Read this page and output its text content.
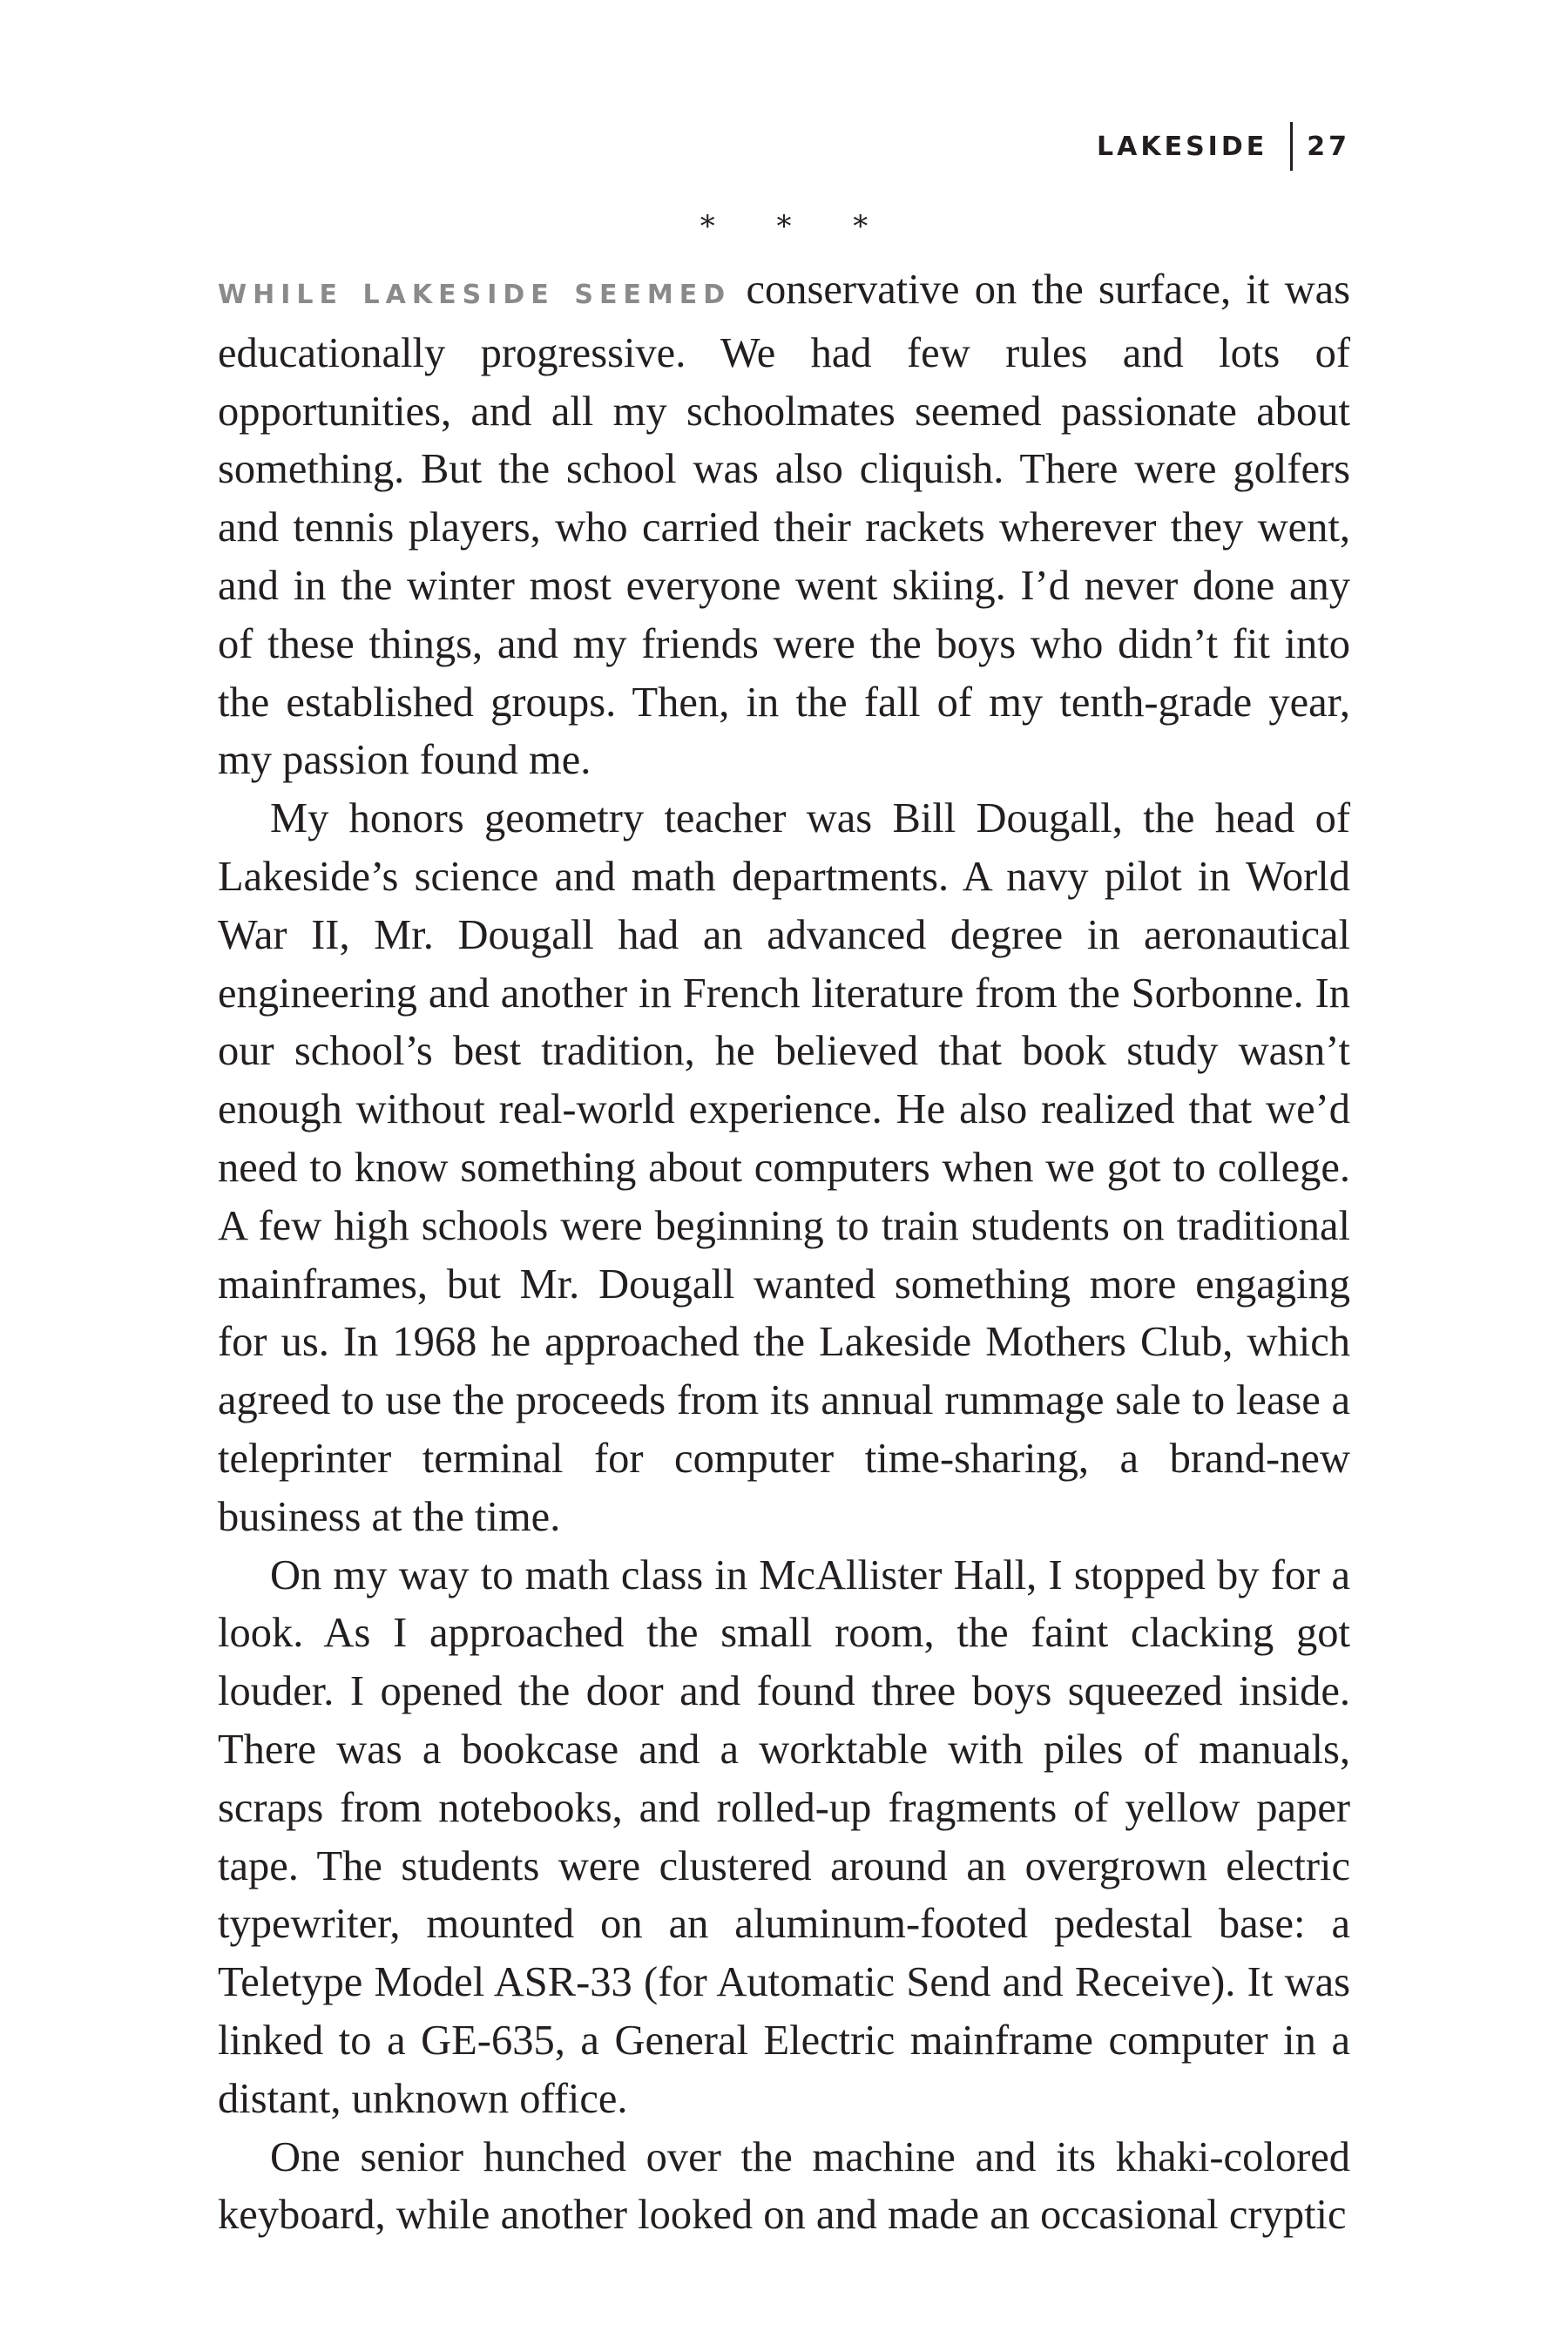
LAKESIDE 27
* * *

WHILE LAKESIDE SEEMED conservative on the surface, it was educationally progressive. We had few rules and lots of opportunities, and all my schoolmates seemed passionate about something. But the school was also cliquish. There were golfers and tennis players, who carried their rackets wherever they went, and in the winter most everyone went skiing. I’d never done any of these things, and my friends were the boys who didn’t fit into the established groups. Then, in the fall of my tenth-grade year, my passion found me.

My honors geometry teacher was Bill Dougall, the head of Lakeside’s science and math departments. A navy pilot in World War II, Mr. Dougall had an advanced degree in aeronautical engineering and another in French literature from the Sorbonne. In our school’s best tradition, he believed that book study wasn’t enough without real-world experience. He also realized that we’d need to know something about computers when we got to college. A few high schools were beginning to train students on traditional mainframes, but Mr. Dougall wanted something more engaging for us. In 1968 he approached the Lakeside Mothers Club, which agreed to use the proceeds from its annual rummage sale to lease a teleprinter terminal for computer time-sharing, a brand-new business at the time.

On my way to math class in McAllister Hall, I stopped by for a look. As I approached the small room, the faint clacking got louder. I opened the door and found three boys squeezed inside. There was a bookcase and a worktable with piles of manuals, scraps from notebooks, and rolled-up fragments of yellow paper tape. The students were clustered around an overgrown electric typewriter, mounted on an aluminum-footed pedestal base: a Teletype Model ASR-33 (for Automatic Send and Receive). It was linked to a GE-635, a General Electric mainframe computer in a distant, unknown office.

One senior hunched over the machine and its khaki-colored keyboard, while another looked on and made an occasional cryptic
